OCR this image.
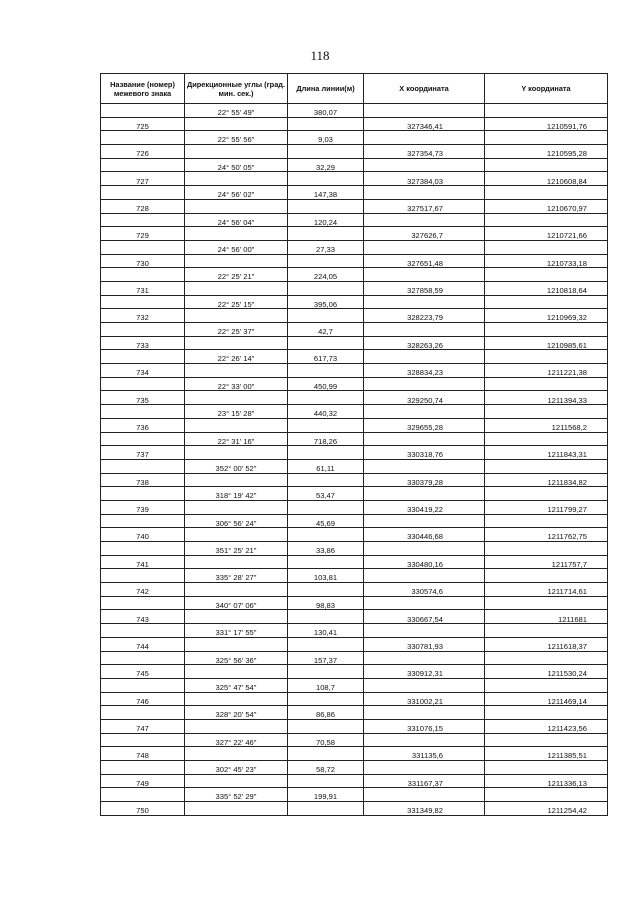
118
Название (номер) межевого знака	Дирекционные углы (град. мин. сек.)	Длина линии(м)	X координата	Y координата
	22° 55' 49"	380,07		
725			327346,41	1210591,76
	22° 55' 56"	9,03		
726			327354,73	1210595,28
	24° 50' 05"	32,29		
727			327384,03	1210608,84
	24° 56' 02"	147,38		
728			327517,67	1210670,97
	24° 56' 04"	120,24		
729			327626,7	1210721,66
	24° 56' 00"	27,33		
730			327651,48	1210733,18
	22° 25' 21"	224,05		
731			327858,59	1210818,64
	22° 25' 15"	395,06		
732			328223,79	1210969,32
	22° 25' 37"	42,7		
733			328263,26	1210985,61
	22° 26' 14"	617,73		
734			328834,23	1211221,38
	22° 33' 00"	450,99		
735			329250,74	1211394,33
	23° 15' 28"	440,32		
736			329655,28	1211568,2
	22° 31' 16"	718,26		
737			330318,76	1211843,31
	352° 00' 52"	61,11		
738			330379,28	1211834,82
	318° 19' 42"	53,47		
739			330419,22	1211799,27
	306° 56' 24"	45,69		
740			330446,68	1211762,75
	351° 25' 21"	33,86		
741			330480,16	1211757,7
	335° 28' 27"	103,81		
742			330574,6	1211714,61
	340° 07' 06"	98,83		
743			330667,54	1211681
	331° 17' 55"	130,41		
744			330781,93	1211618,37
	325° 56' 36"	157,37		
745			330912,31	1211530,24
	325° 47' 54"	108,7		
746			331002,21	1211469,14
	328° 20' 54"	86,86		
747			331076,15	1211423,56
	327° 22' 46"	70,58		
748			331135,6	1211385,51
	302° 45' 23"	58,72		
749			331167,37	1211336,13
	335° 52' 29"	199,91		
750			331349,82	1211254,42
